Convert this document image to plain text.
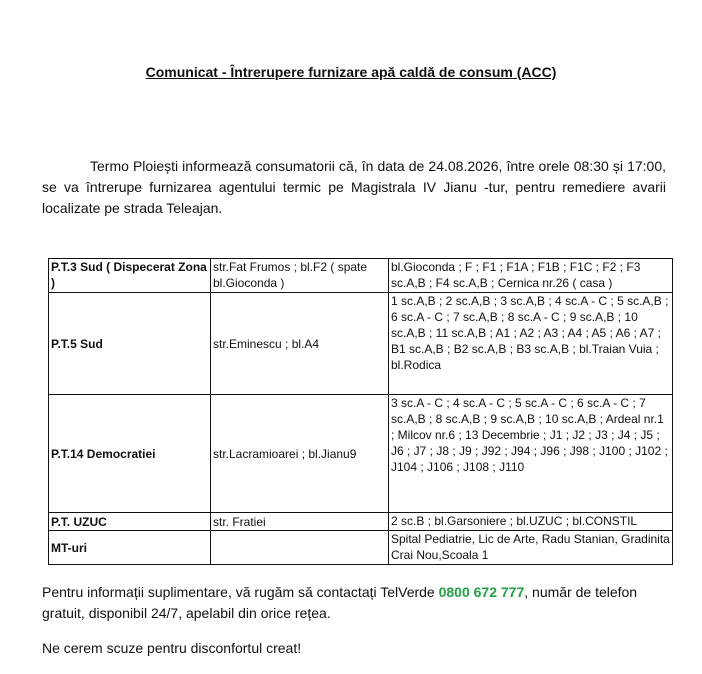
Comunicat - Întrerupere furnizare apă caldă de consum (ACC)
Termo Ploiești informează consumatorii că, în data de 24.08.2026, între orele 08:30 și 17:00, se va întrerupe furnizarea agentului termic pe Magistrala IV Jianu -tur, pentru remediere avarii localizate pe strada Teleajan.
P.T.3 Sud ( Dispecerat Zona )	str.Fat Frumos ; bl.F2 ( spate bl.Gioconda )	bl.Gioconda ; F ; F1 ; F1A ; F1B ; F1C ; F2 ; F3 sc.A,B ; F4 sc.A,B ; Cernica nr.26 ( casa )
P.T.5 Sud	str.Eminescu ; bl.A4	1 sc.A,B ; 2 sc.A,B ; 3 sc.A,B ; 4 sc.A - C ; 5 sc.A,B ; 6 sc.A - C ; 7 sc.A,B ; 8 sc.A - C ; 9 sc.A,B ; 10 sc.A,B ; 11 sc.A,B ; A1 ; A2 ; A3 ; A4 ; A5 ; A6 ; A7 ; B1 sc.A,B ; B2 sc.A,B ; B3 sc.A,B ; bl.Traian Vuia ; bl.Rodica
P.T.14 Democratiei	str.Lacramioarei ; bl.Jianu9	3 sc.A - C ; 4 sc.A - C ; 5 sc.A - C ; 6 sc.A - C ; 7 sc.A,B ; 8 sc.A,B ; 9 sc.A,B ; 10 sc.A,B ; Ardeal nr.1 ; Milcov nr.6 ; 13 Decembrie ; J1 ; J2 ; J3 ; J4 ; J5 ; J6 ; J7 ; J8 ; J9 ; J92 ; J94 ; J96 ; J98 ; J100 ; J102 ; J104 ; J106 ; J108 ; J110
P.T. UZUC	str. Fratiei	2 sc.B ; bl.Garsoniere ; bl.UZUC ; bl.CONSTIL
MT-uri		Spital Pediatrie, Lic de Arte, Radu Stanian, Gradinita Crai Nou,Scoala 1
Pentru informații suplimentare, vă rugăm să contactați TelVerde 0800 672 777, număr de telefon gratuit, disponibil 24/7, apelabil din orice rețea.
Ne cerem scuze pentru disconfortul creat!
